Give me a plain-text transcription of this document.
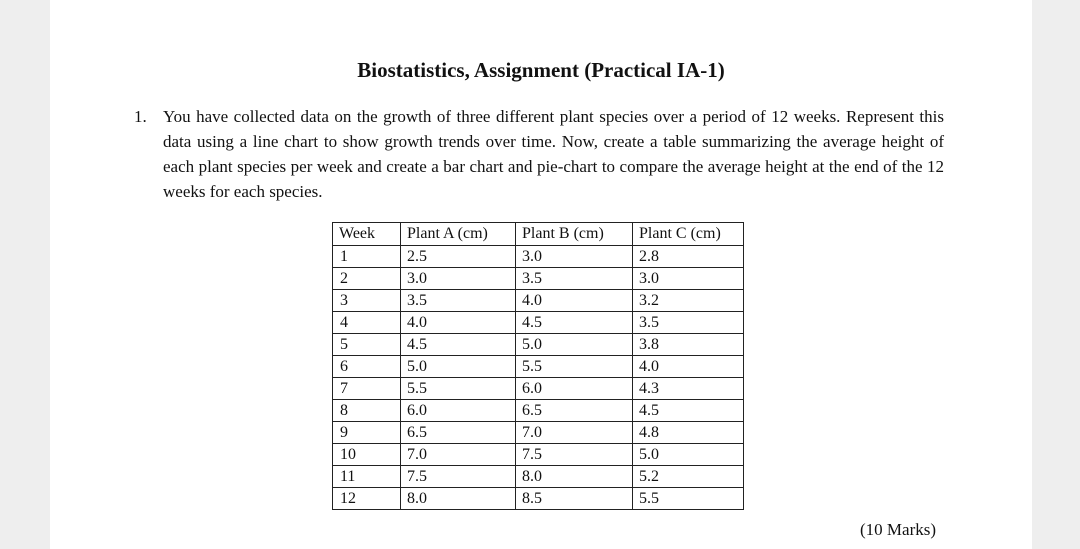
Biostatistics, Assignment (Practical IA-1)
1. You have collected data on the growth of three different plant species over a period of 12 weeks. Represent this data using a line chart to show growth trends over time. Now, create a table summarizing the average height of each plant species per week and create a bar chart and pie-chart to compare the average height at the end of the 12 weeks for each species.
Week	Plant A (cm)	Plant B (cm)	Plant C (cm)
1	2.5	3.0	2.8
2	3.0	3.5	3.0
3	3.5	4.0	3.2
4	4.0	4.5	3.5
5	4.5	5.0	3.8
6	5.0	5.5	4.0
7	5.5	6.0	4.3
8	6.0	6.5	4.5
9	6.5	7.0	4.8
10	7.0	7.5	5.0
11	7.5	8.0	5.2
12	8.0	8.5	5.5
(10 Marks)
